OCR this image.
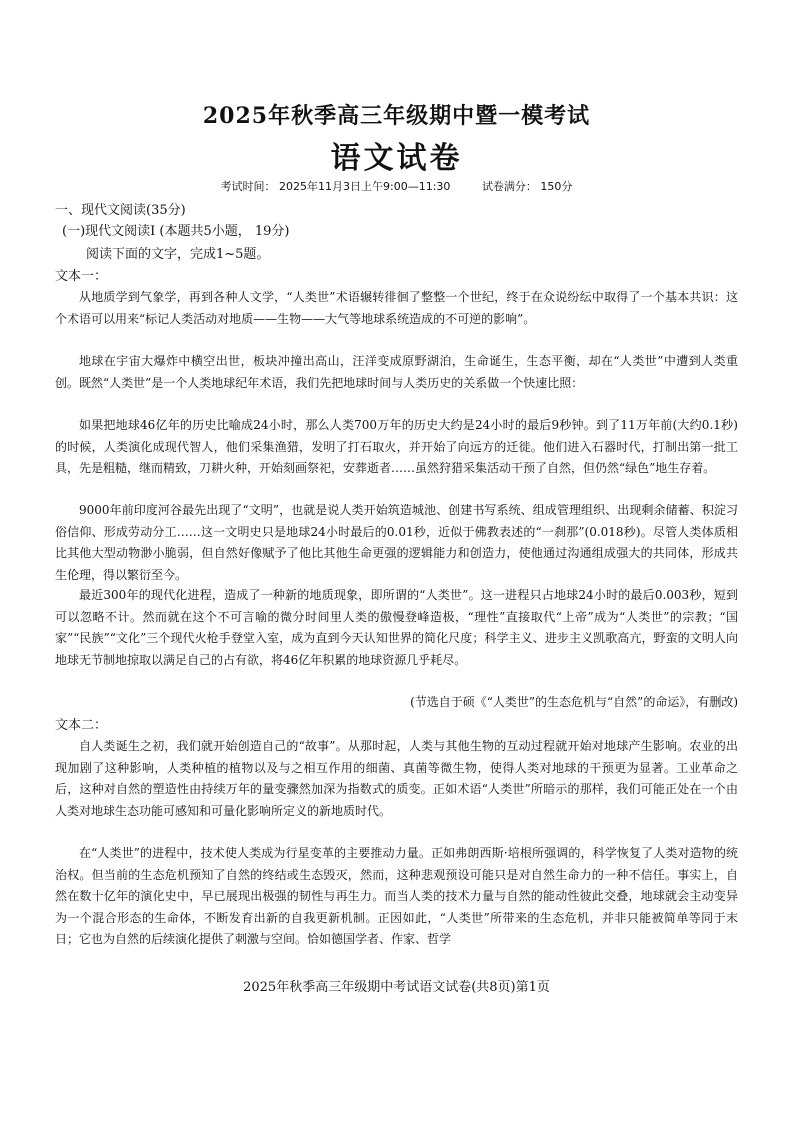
2025年秋季高三年级期中暨一模考试
语文试卷
考试时间： 2025年11月3日上午9:00—11:30	试卷满分： 150分
一、现代文阅读(35分)
(一)现代文阅读Ⅰ (本题共5小题， 19分)
阅读下面的文字，完成1~5题。
文本一：

从地质学到气象学，再到各种人文学，“人类世”术语辗转徘徊了整整一个世纪，终于在众说纷纭中取得了一个基本共识：这个术语可以用来“标记人类活动对地质——生物——大气等地球系统造成的不可逆的影响”。

地球在宇宙大爆炸中横空出世，板块冲撞出高山，汪洋变成原野湖泊，生命诞生，生态平衡，却在“人类世”中遭到人类重创。既然“人类世”是一个人类地球纪年术语，我们先把地球时间与人类历史的关系做一个快速比照：

如果把地球46亿年的历史比喻成24小时，那么人类700万年的历史大约是24小时的最后9秒钟。到了11万年前(大约0.1秒)的时候，人类演化成现代智人，他们采集渔猎，发明了打石取火，并开始了向远方的迁徙。他们进入石器时代，打制出第一批工具，先是粗糙，继而精致，刀耕火种，开始刻画祭祀，安葬逝者……虽然狩猎采集活动干预了自然，但仍然“绿色”地生存着。

9000年前印度河谷最先出现了“文明”，也就是说人类开始筑造城池、创建书写系统、组成管理组织、出现剩余储蓄、积淀习俗信仰、形成劳动分工……这一文明史只是地球24小时最后的0.01秒，近似于佛教表述的“一刹那”(0.018秒)。尽管人类体质相比其他大型动物渺小脆弱，但自然好像赋予了他比其他生命更强的逻辑能力和创造力，使他通过沟通组成强大的共同体，形成共生伦理，得以繁衍至今。

最近300年的现代化进程，造成了一种新的地质现象，即所谓的“人类世”。这一进程只占地球24小时的最后0.003秒，短到可以忽略不计。然而就在这个不可言喻的微分时间里人类的傲慢登峰造极，“理性”直接取代“上帝”成为“人类世”的宗教；“国家”“民族”“文化”三个现代火枪手登堂入室，成为直到今天认知世界的简化尺度；科学主义、进步主义凯歌高亢，野蛮的文明人向地球无节制地掠取以满足自己的占有欲，将46亿年积累的地球资源几乎耗尽。

(节选自于硕《“人类世”的生态危机与“自然”的命运》，有删改)
文本二：

自人类诞生之初，我们就开始创造自己的“故事”。从那时起，人类与其他生物的互动过程就开始对地球产生影响。农业的出现加剧了这种影响，人类种植的植物以及与之相互作用的细菌、真菌等微生物，使得人类对地球的干预更为显著。工业革命之后，这种对自然的塑造性由持续万年的量变骤然加深为指数式的质变。正如术语“人类世”所暗示的那样，我们可能正处在一个由人类对地球生态功能可感知和可量化影响所定义的新地质时代。

在“人类世”的进程中，技术使人类成为行星变革的主要推动力量。正如弗朗西斯·培根所强调的，科学恢复了人类对造物的统治权。但当前的生态危机预知了自然的终结或生态毁灭，然而，这种悲观预设可能只是对自然生命力的一种不信任。事实上，自然在数十亿年的演化史中，早已展现出极强的韧性与再生力。而当人类的技术力量与自然的能动性彼此交叠，地球就会主动变异为一个混合形态的生命体，不断发育出新的自我更新机制。正因如此，“人类世”所带来的生态危机，并非只能被简单等同于末日；它也为自然的后续演化提供了刺激与空间。恰如德国学者、作家、哲学

2025年秋季高三年级期中考试语文试卷(共8页)第1页
